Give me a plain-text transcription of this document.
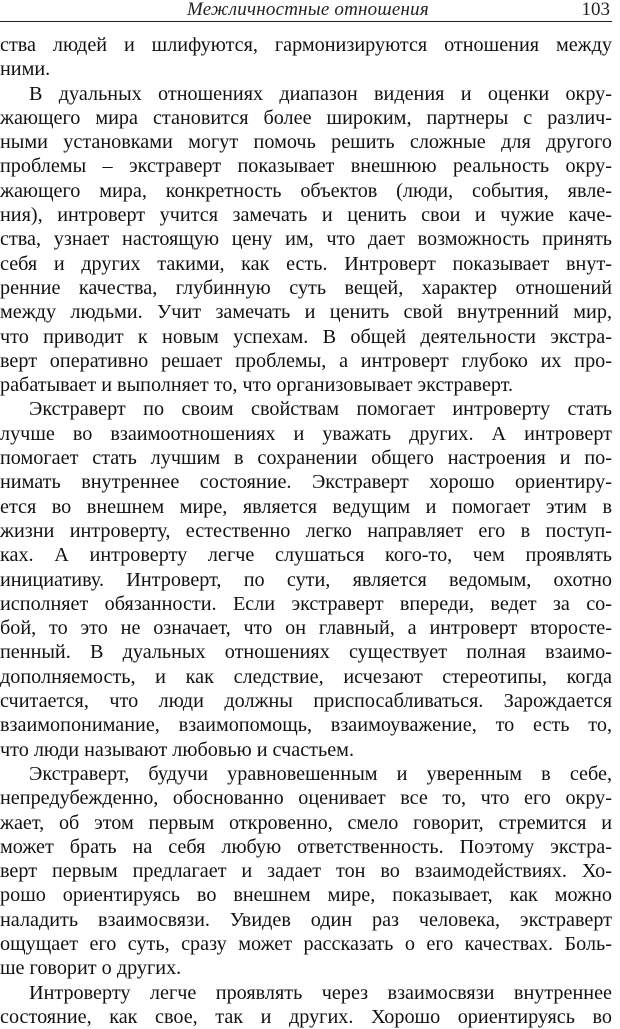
Межличностные отношения	103
ства людей и шлифуются, гармонизируются отношения между
ними.
В дуальных отношениях диапазон видения и оценки окру-
жающего мира становится более широким, партнеры с различ-
ными установками могут помочь решить сложные для другого
проблемы – экстраверт показывает внешнюю реальность окру-
жающего мира, конкретность объектов (люди, события, явле-
ния), интроверт учится замечать и ценить свои и чужие каче-
ства, узнает настоящую цену им, что дает возможность принять
себя и других такими, как есть. Интроверт показывает внут-
ренние качества, глубинную суть вещей, характер отношений
между людьми. Учит замечать и ценить свой внутренний мир,
что приводит к новым успехам. В общей деятельности экстра-
верт оперативно решает проблемы, а интроверт глубоко их про-
рабатывает и выполняет то, что организовывает экстраверт.
Экстраверт по своим свойствам помогает интроверту стать
лучше во взаимоотношениях и уважать других. А интроверт
помогает стать лучшим в сохранении общего настроения и по-
нимать внутреннее состояние. Экстраверт хорошо ориентиру-
ется во внешнем мире, является ведущим и помогает этим в
жизни интроверту, естественно легко направляет его в поступ-
ках. А интроверту легче слушаться кого-то, чем проявлять
инициативу. Интроверт, по сути, является ведомым, охотно
исполняет обязанности. Если экстраверт впереди, ведет за со-
бой, то это не означает, что он главный, а интроверт второсте-
пенный. В дуальных отношениях существует полная взаимо-
дополняемость, и как следствие, исчезают стереотипы, когда
считается, что люди должны приспосабливаться. Зарождается
взаимопонимание, взаимопомощь, взаимоуважение, то есть то,
что люди называют любовью и счастьем.
Экстраверт, будучи уравновешенным и уверенным в себе,
непредубежденно, обоснованно оценивает все то, что его окру-
жает, об этом первым откровенно, смело говорит, стремится и
может брать на себя любую ответственность. Поэтому экстра-
верт первым предлагает и задает тон во взаимодействиях. Хо-
рошо ориентируясь во внешнем мире, показывает, как можно
наладить взаимосвязи. Увидев один раз человека, экстраверт
ощущает его суть, сразу может рассказать о его качествах. Боль-
ше говорит о других.
Интроверту легче проявлять через взаимосвязи внутреннее
состояние, как свое, так и других. Хорошо ориентируясь во
